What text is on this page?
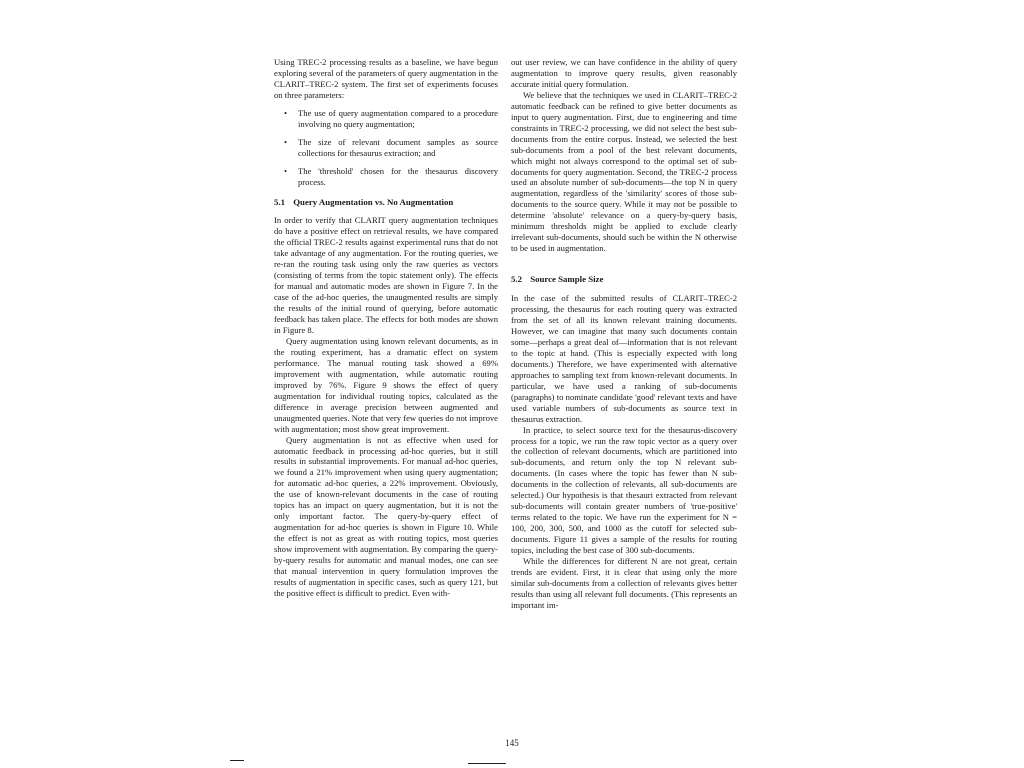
Using TREC-2 processing results as a baseline, we have begun exploring several of the parameters of query augmentation in the CLARIT–TREC-2 system. The first set of experiments focuses on three parameters:

• The use of query augmentation compared to a procedure involving no query augmentation;
• The size of relevant document samples as source collections for thesaurus extraction; and
• The 'threshold' chosen for the thesaurus discovery process.
5.1 Query Augmentation vs. No Augmentation

In order to verify that CLARIT query augmentation techniques do have a positive effect on retrieval results, we have compared the official TREC-2 results against experimental runs that do not take advantage of any augmentation. For the routing queries, we re-ran the routing task using only the raw queries as vectors (consisting of terms from the topic statement only). The effects for manual and automatic modes are shown in Figure 7. In the case of the ad-hoc queries, the unaugmented results are simply the results of the initial round of querying, before automatic feedback has taken place. The effects for both modes are shown in Figure 8.

Query augmentation using known relevant documents, as in the routing experiment, has a dramatic effect on system performance. The manual routing task showed a 69% improvement with augmentation, while automatic routing improved by 76%. Figure 9 shows the effect of query augmentation for individual routing topics, calculated as the difference in average precision between augmented and unaugmented queries. Note that very few queries do not improve with augmentation; most show great improvement.

Query augmentation is not as effective when used for automatic feedback in processing ad-hoc queries, but it still results in substantial improvements. For manual ad-hoc queries, we found a 21% improvement when using query augmentation; for automatic ad-hoc queries, a 22% improvement. Obviously, the use of known-relevant documents in the case of routing topics has an impact on query augmentation, but it is not the only important factor. The query-by-query effect of augmentation for ad-hoc queries is shown in Figure 10. While the effect is not as great as with routing topics, most queries show improvement with augmentation. By comparing the query-by-query results for automatic and manual modes, one can see that manual intervention in query formulation improves the results of augmentation in specific cases, such as query 121, but the positive effect is difficult to predict. Even with-

out user review, we can have confidence in the ability of query augmentation to improve query results, given reasonably accurate initial query formulation.

We believe that the techniques we used in CLARIT–TREC-2 automatic feedback can be refined to give better documents as input to query augmentation. First, due to engineering and time constraints in TREC-2 processing, we did not select the best sub-documents from the entire corpus. Instead, we selected the best sub-documents from a pool of the best relevant documents, which might not always correspond to the optimal set of sub-documents for query augmentation. Second, the TREC-2 process used an absolute number of sub-documents—the top N in query augmentation, regardless of the 'similarity' scores of those sub-documents to the source query. While it may not be possible to determine 'absolute' relevance on a query-by-query basis, minimum thresholds might be applied to exclude clearly irrelevant sub-documents, should such be within the N otherwise to be used in augmentation.

5.2 Source Sample Size

In the case of the submitted results of CLARIT–TREC-2 processing, the thesaurus for each routing query was extracted from the set of all its known relevant training documents. However, we can imagine that many such documents contain some—perhaps a great deal of—information that is not relevant to the topic at hand. (This is especially expected with long documents.) Therefore, we have experimented with alternative approaches to sampling text from known-relevant documents. In particular, we have used a ranking of sub-documents (paragraphs) to nominate candidate 'good' relevant texts and have used variable numbers of sub-documents as source text in thesaurus extraction.

In practice, to select source text for the thesaurus-discovery process for a topic, we run the raw topic vector as a query over the collection of relevant documents, which are partitioned into sub-documents, and return only the top N relevant sub-documents. (In cases where the topic has fewer than N sub-documents in the collection of relevants, all sub-documents are selected.) Our hypothesis is that thesauri extracted from relevant sub-documents will contain greater numbers of 'true-positive' terms related to the topic. We have run the experiment for N = 100, 200, 300, 500, and 1000 as the cutoff for selected sub-documents. Figure 11 gives a sample of the results for routing topics, including the best case of 300 sub-documents.

While the differences for different N are not great, certain trends are evident. First, it is clear that using only the more similar sub-documents from a collection of relevants gives better results than using all relevant full documents. (This represents an important im-

145
